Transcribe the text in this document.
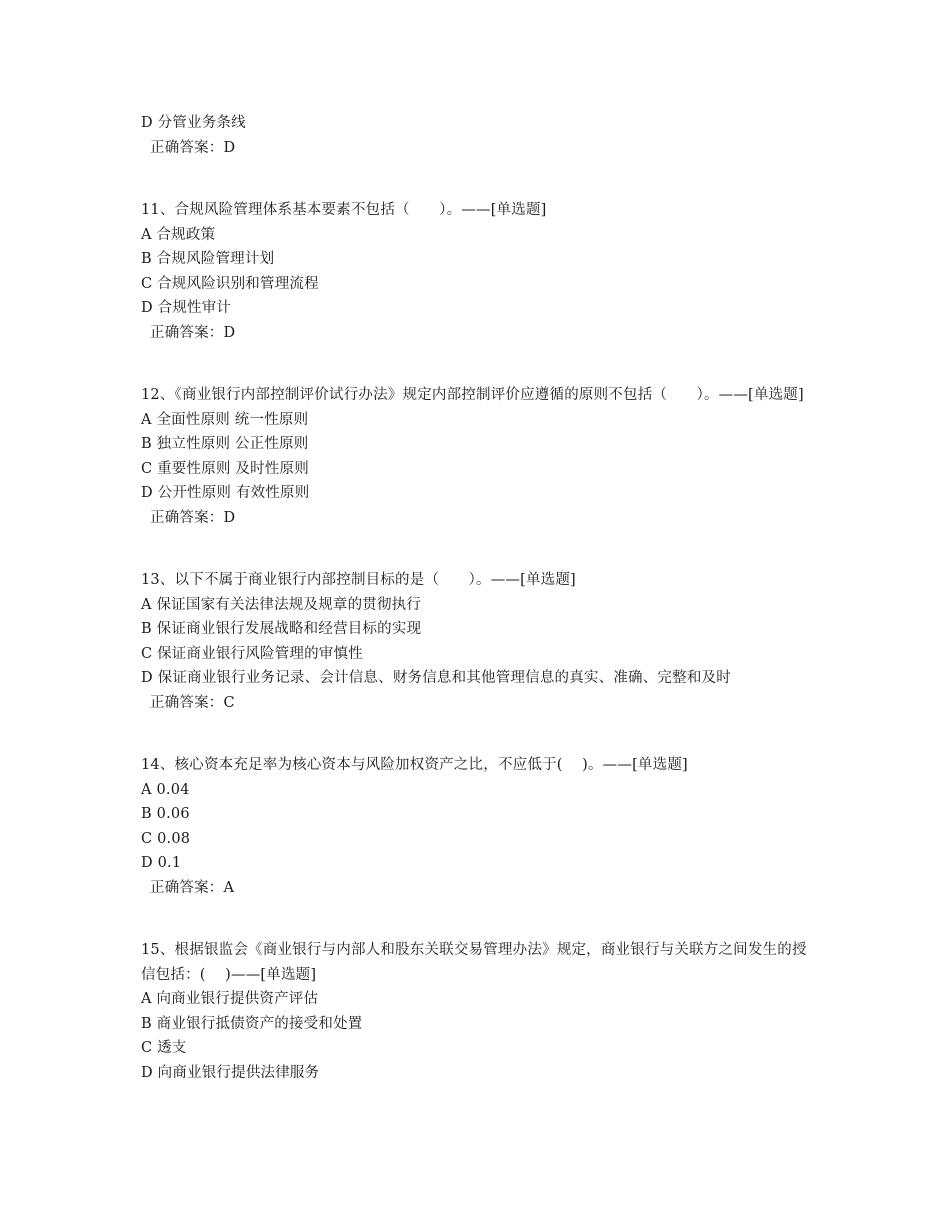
D 分管业务条线
正确答案：D
11、合规风险管理体系基本要素不包括（　　）。——[单选题]
A 合规政策
B 合规风险管理计划
C 合规风险识别和管理流程
D 合规性审计
正确答案：D
12、《商业银行内部控制评价试行办法》规定内部控制评价应遵循的原则不包括（　　）。——[单选题]
A 全面性原则 统一性原则
B 独立性原则 公正性原则
C 重要性原则 及时性原则
D 公开性原则 有效性原则
正确答案：D
13、以下不属于商业银行内部控制目标的是（　　）。——[单选题]
A 保证国家有关法律法规及规章的贯彻执行
B 保证商业银行发展战略和经营目标的实现
C 保证商业银行风险管理的审慎性
D 保证商业银行业务记录、会计信息、财务信息和其他管理信息的真实、准确、完整和及时
正确答案：C
14、核心资本充足率为核心资本与风险加权资产之比，不应低于(　 )。——[单选题]
A 0.04
B 0.06
C 0.08
D 0.1
正确答案：A
15、根据银监会《商业银行与内部人和股东关联交易管理办法》规定，商业银行与关联方之间发生的授信包括：(　 )——[单选题]
A 向商业银行提供资产评估
B 商业银行抵债资产的接受和处置
C 透支
D 向商业银行提供法律服务
